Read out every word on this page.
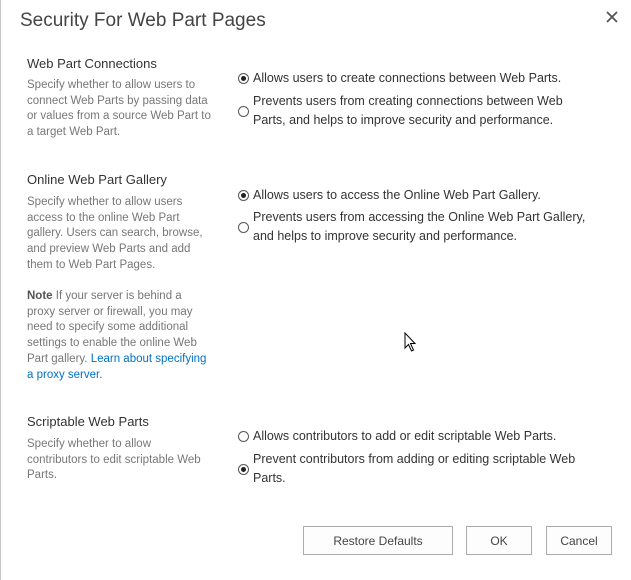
Security For Web Part Pages
Web Part Connections
Specify whether to allow users to connect Web Parts by passing data or values from a source Web Part to a target Web Part.
Allows users to create connections between Web Parts.
Prevents users from creating connections between Web Parts, and helps to improve security and performance.
Online Web Part Gallery
Specify whether to allow users access to the online Web Part gallery. Users can search, browse, and preview Web Parts and add them to Web Part Pages.
Note If your server is behind a proxy server or firewall, you may need to specify some additional settings to enable the online Web Part gallery. Learn about specifying a proxy server.
Allows users to access the Online Web Part Gallery.
Prevents users from accessing the Online Web Part Gallery, and helps to improve security and performance.
Scriptable Web Parts
Specify whether to allow contributors to edit scriptable Web Parts.
Allows contributors to add or edit scriptable Web Parts.
Prevent contributors from adding or editing scriptable Web Parts.
Restore Defaults	OK	Cancel
